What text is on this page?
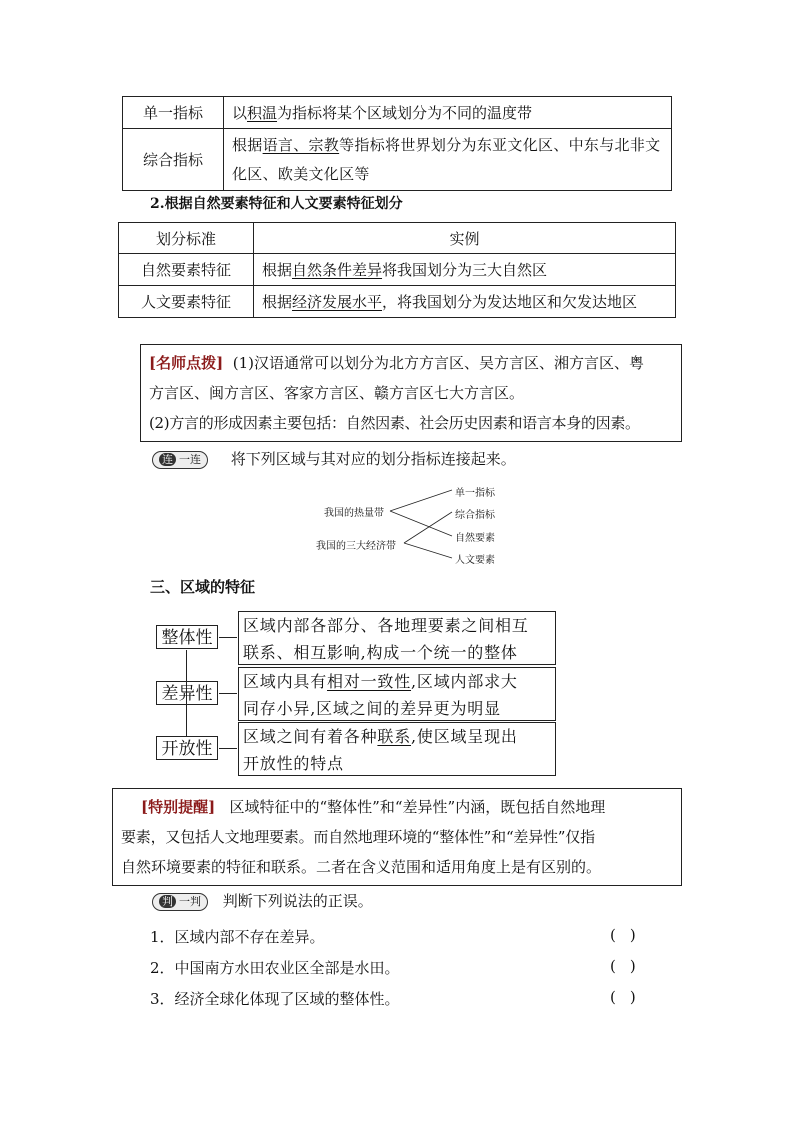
单一指标	以积温为指标将某个区域划分为不同的温度带
综合指标	根据语言、宗教等指标将世界划分为东亚文化区、中东与北非文化区、欧美文化区等
2.根据自然要素特征和人文要素特征划分
划分标准	实例
自然要素特征	根据自然条件差异将我国划分为三大自然区
人文要素特征	根据经济发展水平，将我国划分为发达地区和欠发达地区
[名师点拨] (1)汉语通常可以划分为北方方言区、吴方言区、湘方言区、粤
方言区、闽方言区、客家方言区、赣方言区七大方言区。
(2)方言的形成因素主要包括：自然因素、社会历史因素和语言本身的因素。
连 一连 将下列区域与其对应的划分指标连接起来。
我国的热量带
我国的三大经济带
单一指标
综合指标
自然要素
人文要素
三、区域的特征
整体性
区域内部各部分、各地理要素之间相互
联系、相互影响,构成一个统一的整体
差异性
区域内具有相对一致性,区域内部求大
同存小异,区域之间的差异更为明显
开放性
区域之间有着各种联系,使区域呈现出
开放性的特点
[特别提醒] 区域特征中的“整体性”和“差异性”内涵，既包括自然地理
要素，又包括人文地理要素。而自然地理环境的“整体性”和“差异性”仅指
自然环境要素的特征和联系。二者在含义范围和适用角度上是有区别的。
判 一判 判断下列说法的正误。
1．区域内部不存在差异。	()
2．中国南方水田农业区全部是水田。	()
3．经济全球化体现了区域的整体性。	()
